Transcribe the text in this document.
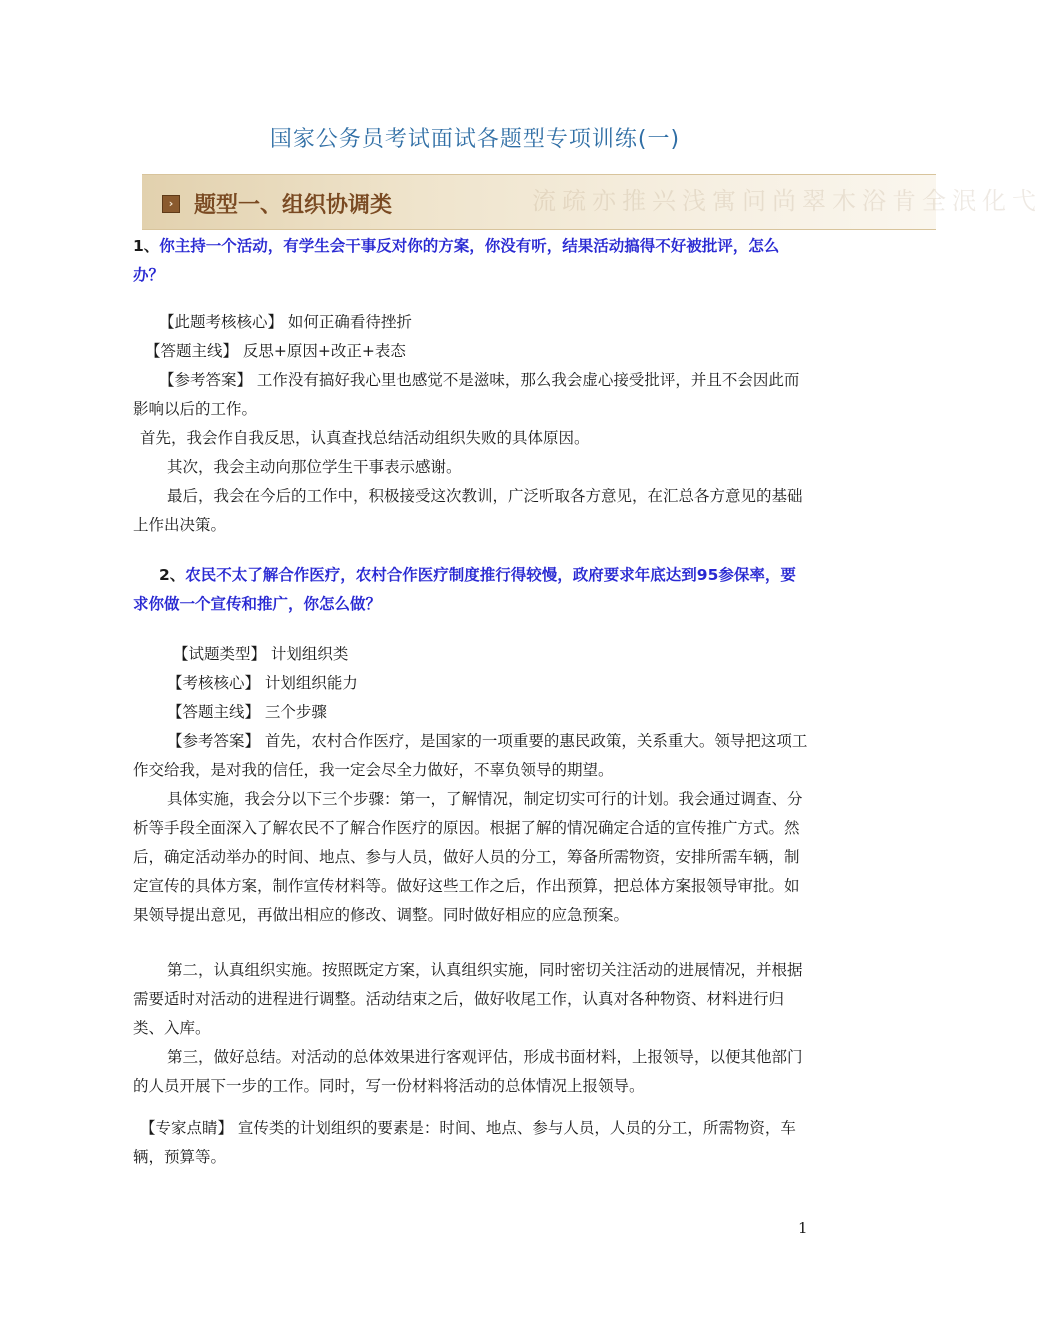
国家公务员考试面试各题型专项训练(一)
流疏亦推兴浅寓问尚翠木浴肯全泯化弋
› 题型一、组织协调类
1、你主持一个活动，有学生会干事反对你的方案，你没有听，结果活动搞得不好被批评，怎么办？
【此题考核核心】 如何正确看待挫折
【答题主线】 反思+原因+改正+表态
【参考答案】 工作没有搞好我心里也感觉不是滋味，那么我会虚心接受批评，并且不会因此而影响以后的工作。
首先，我会作自我反思，认真查找总结活动组织失败的具体原因。
其次，我会主动向那位学生干事表示感谢。
最后，我会在今后的工作中，积极接受这次教训，广泛听取各方意见，在汇总各方意见的基础上作出决策。
2、农民不太了解合作医疗，农村合作医疗制度推行得较慢，政府要求年底达到95参保率，要求你做一个宣传和推广，你怎么做？
【试题类型】 计划组织类
【考核核心】 计划组织能力
【答题主线】 三个步骤
【参考答案】 首先，农村合作医疗，是国家的一项重要的惠民政策，关系重大。领导把这项工作交给我，是对我的信任，我一定会尽全力做好，不辜负领导的期望。
具体实施，我会分以下三个步骤：第一，了解情况，制定切实可行的计划。我会通过调查、分析等手段全面深入了解农民不了解合作医疗的原因。根据了解的情况确定合适的宣传推广方式。然后，确定活动举办的时间、地点、参与人员，做好人员的分工，筹备所需物资，安排所需车辆，制定宣传的具体方案，制作宣传材料等。做好这些工作之后，作出预算，把总体方案报领导审批。如果领导提出意见，再做出相应的修改、调整。同时做好相应的应急预案。
第二，认真组织实施。按照既定方案，认真组织实施，同时密切关注活动的进展情况，并根据需要适时对活动的进程进行调整。活动结束之后，做好收尾工作，认真对各种物资、材料进行归类、入库。
第三，做好总结。对活动的总体效果进行客观评估，形成书面材料，上报领导，以便其他部门的人员开展下一步的工作。同时，写一份材料将活动的总体情况上报领导。
【专家点睛】 宣传类的计划组织的要素是：时间、地点、参与人员，人员的分工，所需物资，车辆，预算等。
1
